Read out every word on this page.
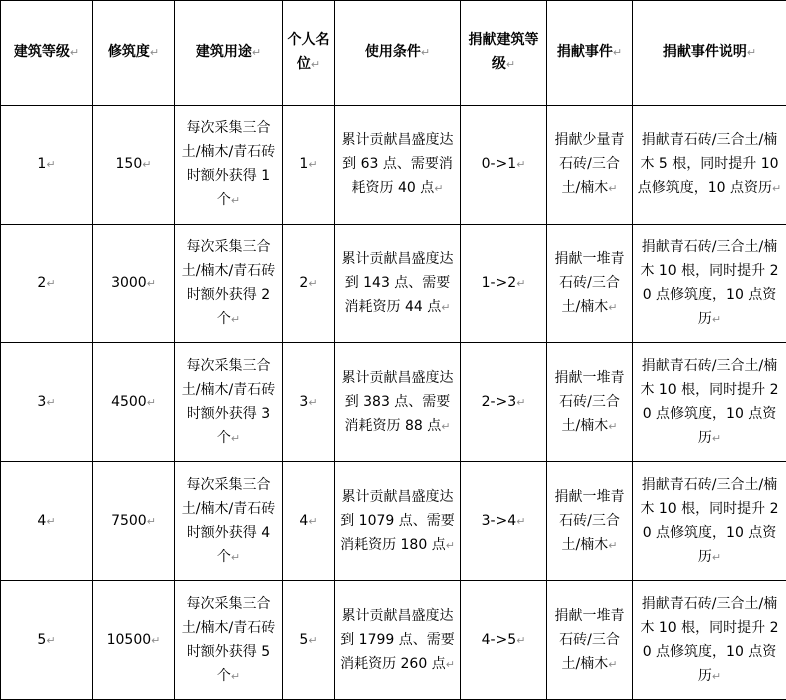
建筑等级↵	修筑度↵	建筑用途↵	个人名位↵	使用条件↵	捐献建筑等级↵	捐献事件↵	捐献事件说明↵
1↵	150↵	每次采集三合土/楠木/青石砖时额外获得 1 个↵	1↵	累计贡献昌盛度达到 63 点、需要消耗资历 40 点↵	0->1↵	捐献少量青石砖/三合土/楠木↵	捐献青石砖/三合土/楠木 5 根，同时提升 10 点修筑度，10 点资历↵
2↵	3000↵	每次采集三合土/楠木/青石砖时额外获得 2 个↵	2↵	累计贡献昌盛度达到 143 点、需要消耗资历 44 点↵	1->2↵	捐献一堆青石砖/三合土/楠木↵	捐献青石砖/三合土/楠木 10 根，同时提升 20 点修筑度，10 点资历↵
3↵	4500↵	每次采集三合土/楠木/青石砖时额外获得 3 个↵	3↵	累计贡献昌盛度达到 383 点、需要消耗资历 88 点↵	2->3↵	捐献一堆青石砖/三合土/楠木↵	捐献青石砖/三合土/楠木 10 根，同时提升 20 点修筑度，10 点资历↵
4↵	7500↵	每次采集三合土/楠木/青石砖时额外获得 4 个↵	4↵	累计贡献昌盛度达到 1079 点、需要消耗资历 180 点↵	3->4↵	捐献一堆青石砖/三合土/楠木↵	捐献青石砖/三合土/楠木 10 根，同时提升 20 点修筑度，10 点资历↵
5↵	10500↵	每次采集三合土/楠木/青石砖时额外获得 5 个↵	5↵	累计贡献昌盛度达到 1799 点、需要消耗资历 260 点↵	4->5↵	捐献一堆青石砖/三合土/楠木↵	捐献青石砖/三合土/楠木 10 根，同时提升 20 点修筑度，10 点资历↵
